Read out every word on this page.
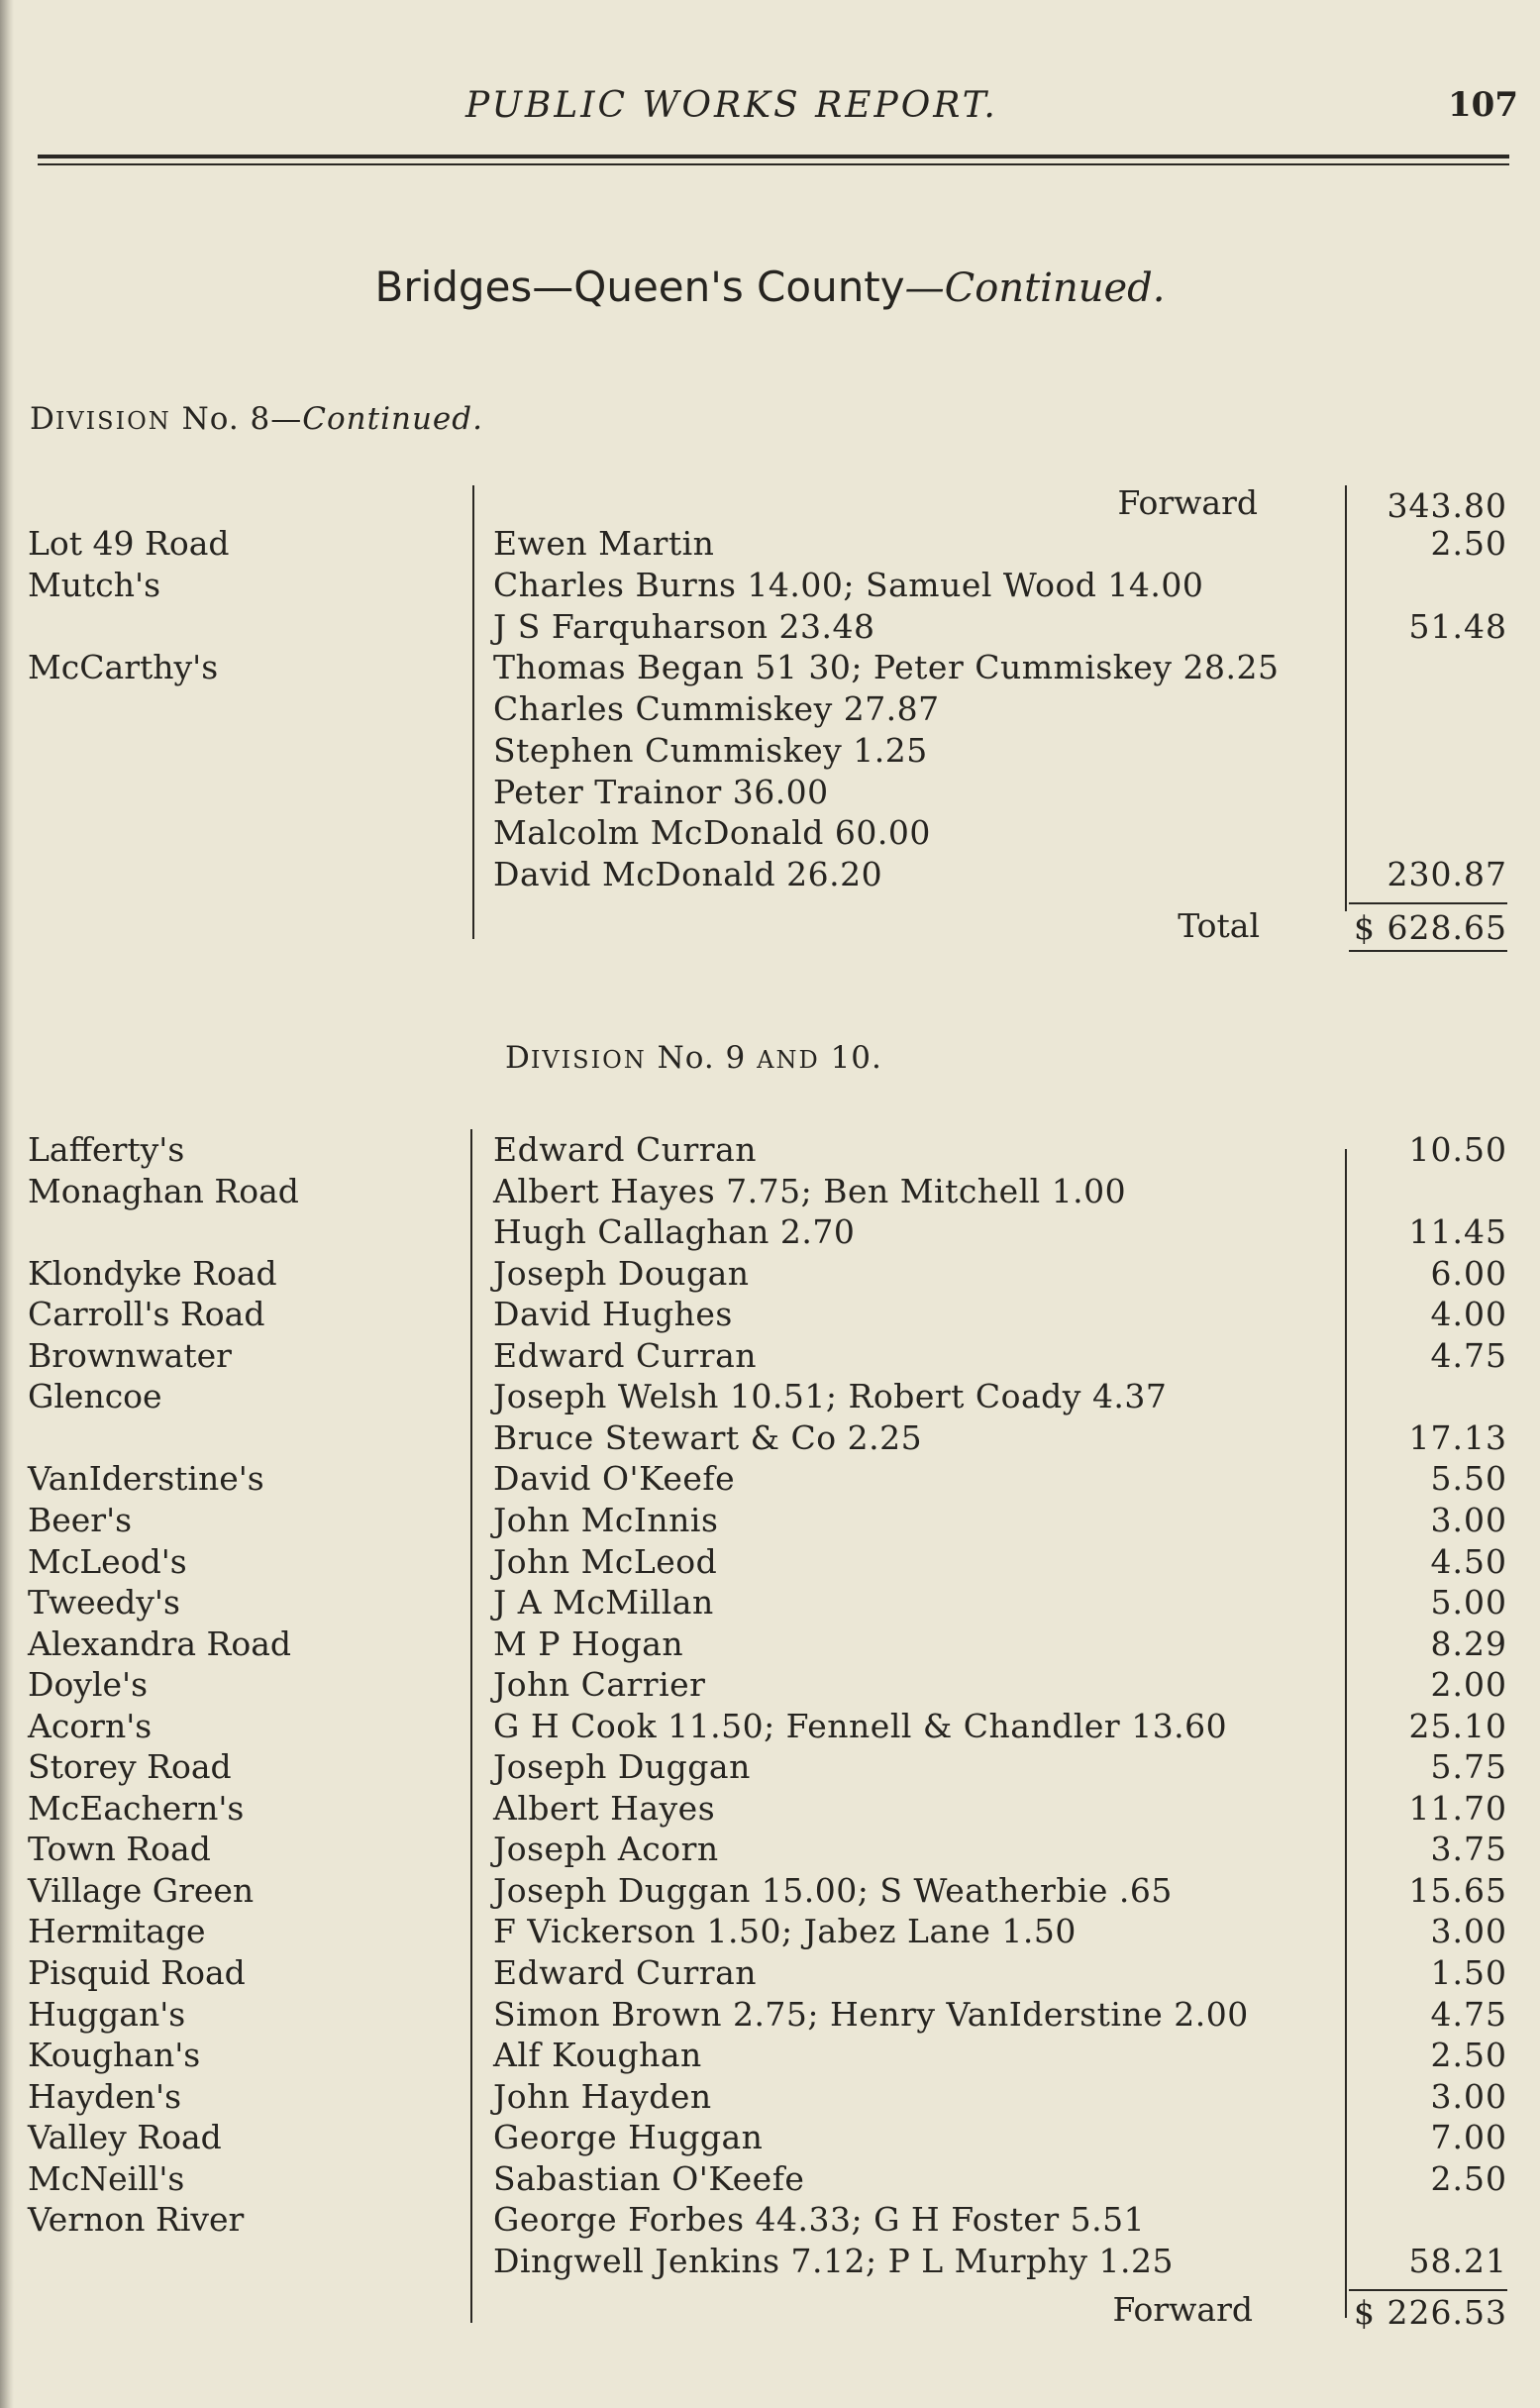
PUBLIC WORKS REPORT.	107
Bridges—Queen's County—Continued.
DIVISION No. 8—Continued.
Forward	343.80
Lot 49 Road	Ewen Martin	2.50
Mutch's	Charles Burns 14.00; Samuel Wood 14.00
J S Farquharson 23.48	51.48
McCarthy's	Thomas Began 51 30; Peter Cummiskey 28.25
Charles Cummiskey 27.87
Stephen Cummiskey 1.25
Peter Trainor 36.00
Malcolm McDonald 60.00
David McDonald 26.20	230.87
Total	$ 628.65
DIVISION No. 9 AND 10.
Lafferty's	Edward Curran	10.50
Monaghan Road	Albert Hayes 7.75; Ben Mitchell 1.00
Hugh Callaghan 2.70	11.45
Klondyke Road	Joseph Dougan	6.00
Carroll's Road	David Hughes	4.00
Brownwater	Edward Curran	4.75
Glencoe	Joseph Welsh 10.51; Robert Coady 4.37
Bruce Stewart & Co 2.25	17.13
VanIderstine's	David O'Keefe	5.50
Beer's	John McInnis	3.00
McLeod's	John McLeod	4.50
Tweedy's	J A McMillan	5.00
Alexandra Road	M P Hogan	8.29
Doyle's	John Carrier	2.00
Acorn's	G H Cook 11.50; Fennell & Chandler 13.60	25.10
Storey Road	Joseph Duggan	5.75
McEachern's	Albert Hayes	11.70
Town Road	Joseph Acorn	3.75
Village Green	Joseph Duggan 15.00; S Weatherbie .65	15.65
Hermitage	F Vickerson 1.50; Jabez Lane 1.50	3.00
Pisquid Road	Edward Curran	1.50
Huggan's	Simon Brown 2.75; Henry VanIderstine 2.00	4.75
Koughan's	Alf Koughan	2.50
Hayden's	John Hayden	3.00
Valley Road	George Huggan	7.00
McNeill's	Sabastian O'Keefe	2.50
Vernon River	George Forbes 44.33; G H Foster 5.51
Dingwell Jenkins 7.12; P L Murphy 1.25	58.21
Forward	$ 226.53
